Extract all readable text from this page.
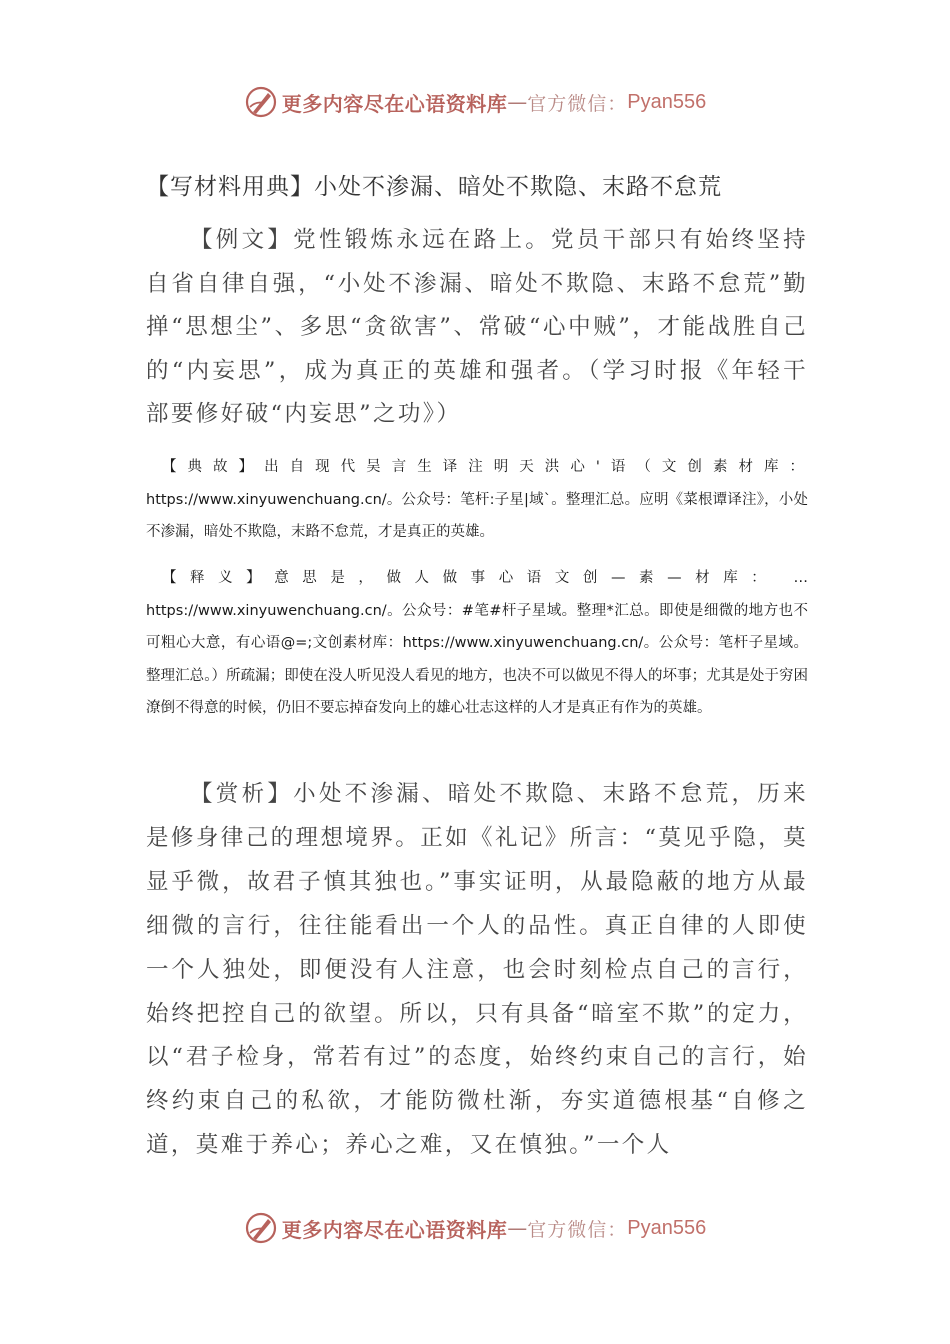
更多内容尽在心语资料库 — 官方微信： Pyan556
【写材料用典】小处不渗漏、暗处不欺隐、末路不怠荒

【例文】党性锻炼永远在路上。党员干部只有始终坚持自省自律自强，“小处不渗漏、暗处不欺隐、末路不怠荒”勤掸“思想尘”、多思“贪欲害”、常破“心中贼”，才能战胜自己的“内妄思”，成为真正的英雄和强者。（学习时报《年轻干部要修好破“内妄思”之功》）

【典故】出自现代吴言生译注明天洪心'语（文创素材库： https://www.xinyuwenchuang.cn/。公众号：笔杆:子星|域`。整理汇总。应明《菜根谭译注》，小处不渗漏，暗处不欺隐，末路不怠荒，才是真正的英雄。

【释义】意思是，做人做事心语文创—素—材库： … https://www.xinyuwenchuang.cn/。公众号：#笔#杆子星域。整理*汇总。即使是细微的地方也不可粗心大意，有心语@=;文创素材库：https://www.xinyuwenchuang.cn/。公众号：笔杆子星域。整理汇总。）所疏漏；即使在没人听见没人看见的地方，也决不可以做见不得人的坏事；尤其是处于穷困潦倒不得意的时候，仍旧不要忘掉奋发向上的雄心壮志这样的人才是真正有作为的英雄。

【赏析】小处不渗漏、暗处不欺隐、末路不怠荒，历来是修身律己的理想境界。正如《礼记》所言：“莫见乎隐，莫显乎微，故君子慎其独也。”事实证明，从最隐蔽的地方从最细微的言行，往往能看出一个人的品性。真正自律的人即使一个人独处，即便没有人注意，也会时刻检点自己的言行，始终把控自己的欲望。所以，只有具备“暗室不欺”的定力，以“君子检身，常若有过”的态度，始终约束自己的言行，始终约束自己的私欲，才能防微杜渐，夯实道德根基“自修之道，莫难于养心；养心之难，又在慎独。”一个人

更多内容尽在心语资料库 — 官方微信： Pyan556
